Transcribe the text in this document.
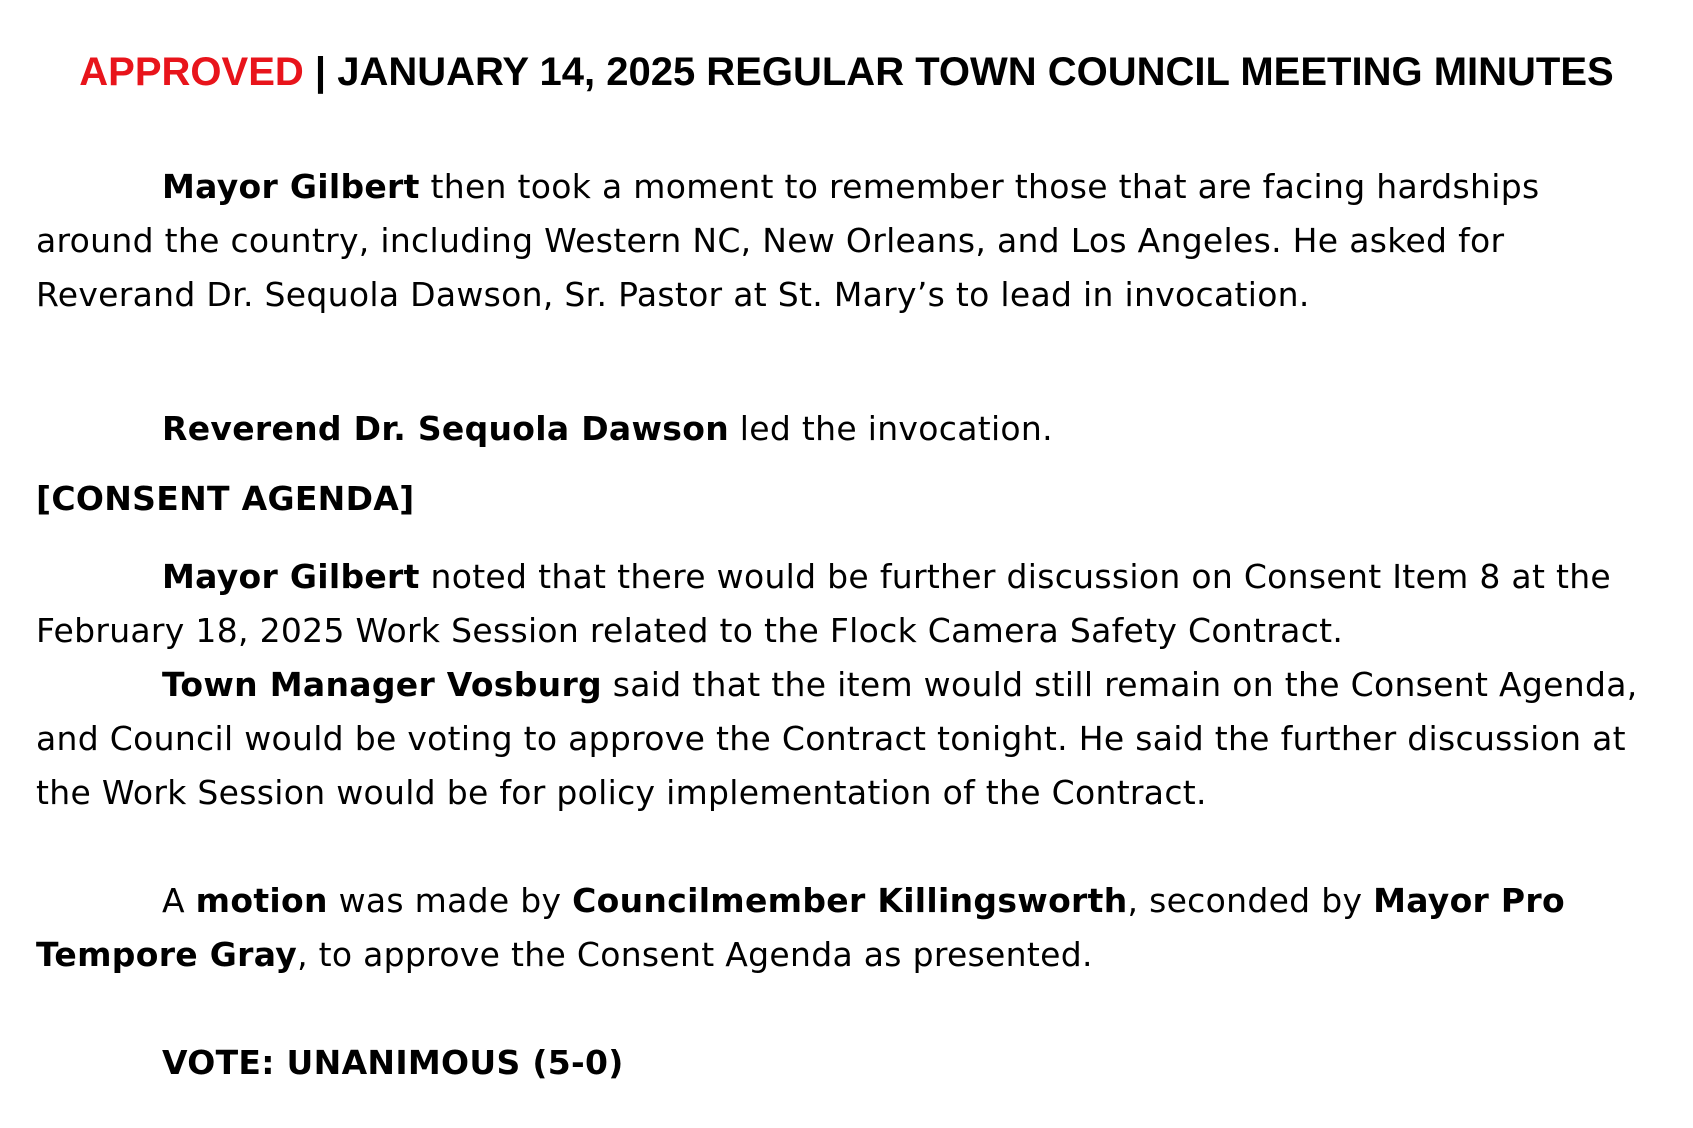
APPROVED | JANUARY 14, 2025 REGULAR TOWN COUNCIL MEETING MINUTES

Mayor Gilbert then took a moment to remember those that are facing hardships around the country, including Western NC, New Orleans, and Los Angeles. He asked for Reverand Dr. Sequola Dawson, Sr. Pastor at St. Mary’s to lead in invocation.

Reverend Dr. Sequola Dawson led the invocation.

[CONSENT AGENDA]

Mayor Gilbert noted that there would be further discussion on Consent Item 8 at the February 18, 2025 Work Session related to the Flock Camera Safety Contract.

Town Manager Vosburg said that the item would still remain on the Consent Agenda, and Council would be voting to approve the Contract tonight. He said the further discussion at the Work Session would be for policy implementation of the Contract.

A motion was made by Councilmember Killingsworth, seconded by Mayor Pro Tempore Gray, to approve the Consent Agenda as presented.

VOTE: UNANIMOUS (5-0)
